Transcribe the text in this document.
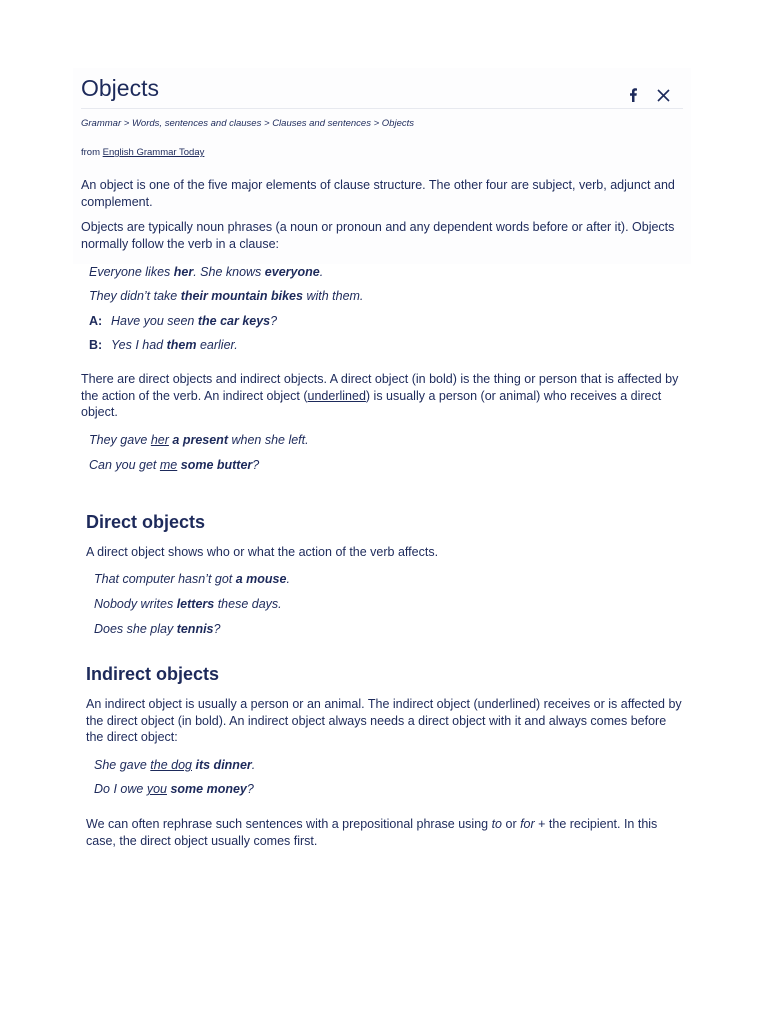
Objects
Grammar > Words, sentences and clauses > Clauses and sentences > Objects
from English Grammar Today

An object is one of the five major elements of clause structure. The other four are subject, verb, adjunct and complement.

Objects are typically noun phrases (a noun or pronoun and any dependent words before or after it). Objects normally follow the verb in a clause:

Everyone likes her. She knows everyone.

They didn’t take their mountain bikes with them.

A: Have you seen the car keys?

B: Yes I had them earlier.

There are direct objects and indirect objects. A direct object (in bold) is the thing or person that is affected by the action of the verb. An indirect object (underlined) is usually a person (or animal) who receives a direct object.

They gave her a present when she left.

Can you get me some butter?

Direct objects

A direct object shows who or what the action of the verb affects.

That computer hasn’t got a mouse.

Nobody writes letters these days.

Does she play tennis?

Indirect objects

An indirect object is usually a person or an animal. The indirect object (underlined) receives or is affected by the direct object (in bold). An indirect object always needs a direct object with it and always comes before the direct object:

She gave the dog its dinner.

Do I owe you some money?

We can often rephrase such sentences with a prepositional phrase using to or for + the recipient. In this case, the direct object usually comes first.
